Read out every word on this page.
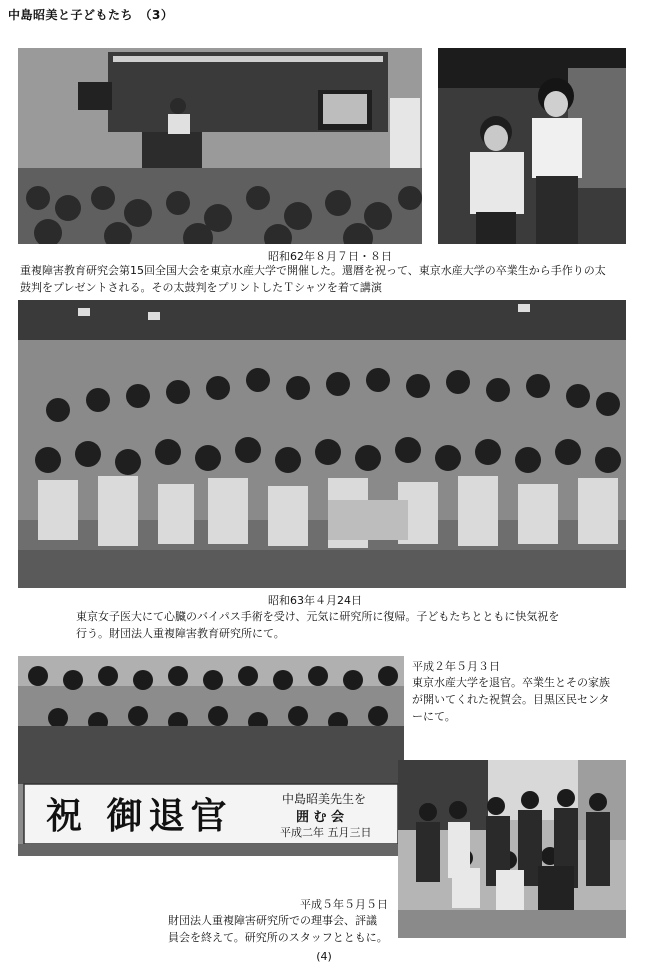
中島昭美と子どもたち　（3）
昭和62年８月７日・８日
重複障害教育研究会第15回全国大会を東京水産大学で開催した。還暦を祝って、東京水産大学の卒業生から手作りの太
鼓判をプレゼントされる。その太鼓判をプリントしたＴシャツを着て講演
昭和63年４月24日
東京女子医大にて心臓のバイパス手術を受け、元気に研究所に復帰。子どもたちとともに快気祝を
行う。財団法人重複障害教育研究所にて。
祝 御退官	中島昭美先生を
囲 む 会
平成二年 五月三日
平成２年５月３日
東京水産大学を退官。卒業生とその家族
が開いてくれた祝賀会。目黒区民センタ
ーにて。
平成５年５月５日
財団法人重複障害研究所での理事会、評議
員会を終えて。研究所のスタッフとともに。
(4)
